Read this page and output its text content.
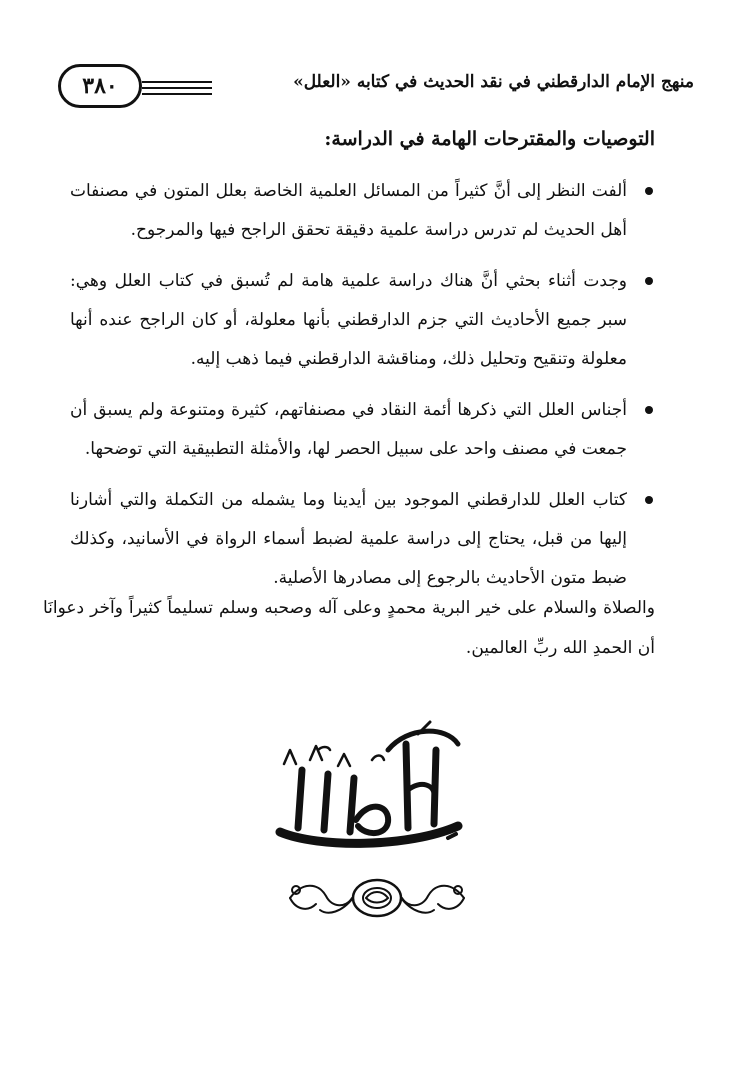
٣٨٠	منهج الإمام الدارقطني في نقد الحديث في كتابه «العلل»
التوصيات والمقترحات الهامة في الدراسة:
ألفت النظر إلى أنَّ كثيراً من المسائل العلمية الخاصة بعلل المتون في مصنفات أهل الحديث لم تدرس دراسة علمية دقيقة تحقق الراجح فيها والمرجوح.
وجدت أثناء بحثي أنَّ هناك دراسة علمية هامة لم تُسبق في كتاب العلل وهي: سبر جميع الأحاديث التي جزم الدارقطني بأنها معلولة، أو كان الراجح عنده أنها معلولة وتنقيح وتحليل ذلك، ومناقشة الدارقطني فيما ذهب إليه.
أجناس العلل التي ذكرها أئمة النقاد في مصنفاتهم، كثيرة ومتنوعة ولم يسبق أن جمعت في مصنف واحد على سبيل الحصر لها، والأمثلة التطبيقية التي توضحها.
كتاب العلل للدارقطني الموجود بين أيدينا وما يشمله من التكملة والتي أشارنا إليها من قبل، يحتاج إلى دراسة علمية لضبط أسماء الرواة في الأسانيد، وكذلك ضبط متون الأحاديث بالرجوع إلى مصادرها الأصلية.
والصلاة والسلام على خير البرية محمدٍ وعلى آله وصحبه وسلم تسليماً كثيراً وآخر دعوانَا أن الحمدِ الله ربِّ العالمين.
